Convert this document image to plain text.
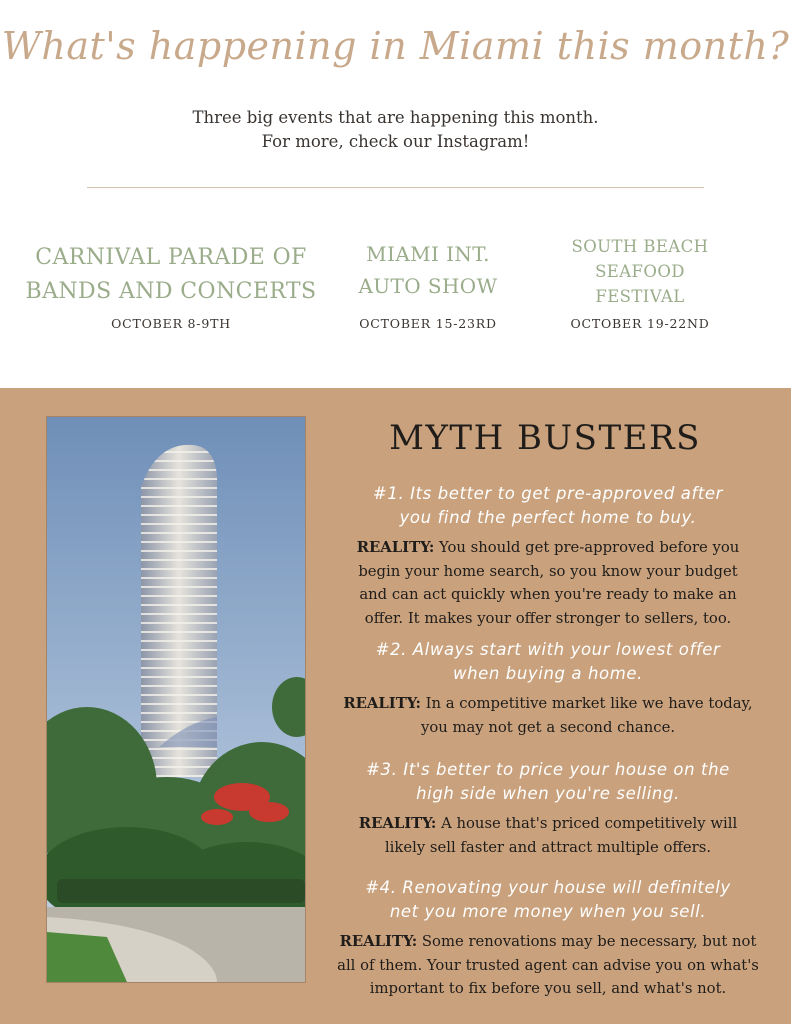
What's happening in Miami this month?
Three big events that are happening this month.
For more, check our Instagram!
CARNIVAL PARADE OF
BANDS AND CONCERTS
OCTOBER 8-9TH
MIAMI INT.
AUTO SHOW
OCTOBER 15-23RD
SOUTH BEACH
SEAFOOD
FESTIVAL
OCTOBER 19-22ND
MYTH BUSTERS
#1. Its better to get pre-approved after
you find the perfect home to buy.
REALITY: You should get pre-approved before you
begin your home search, so you know your budget
and can act quickly when you're ready to make an
offer. It makes your offer stronger to sellers, too.
#2. Always start with your lowest offer
when buying a home.
REALITY: In a competitive market like we have today,
you may not get a second chance.
#3. It's better to price your house on the
high side when you're selling.
REALITY: A house that's priced competitively will
likely sell faster and attract multiple offers.
#4. Renovating your house will definitely
net you more money when you sell.
REALITY: Some renovations may be necessary, but not
all of them. Your trusted agent can advise you on what's
important to fix before you sell, and what's not.
